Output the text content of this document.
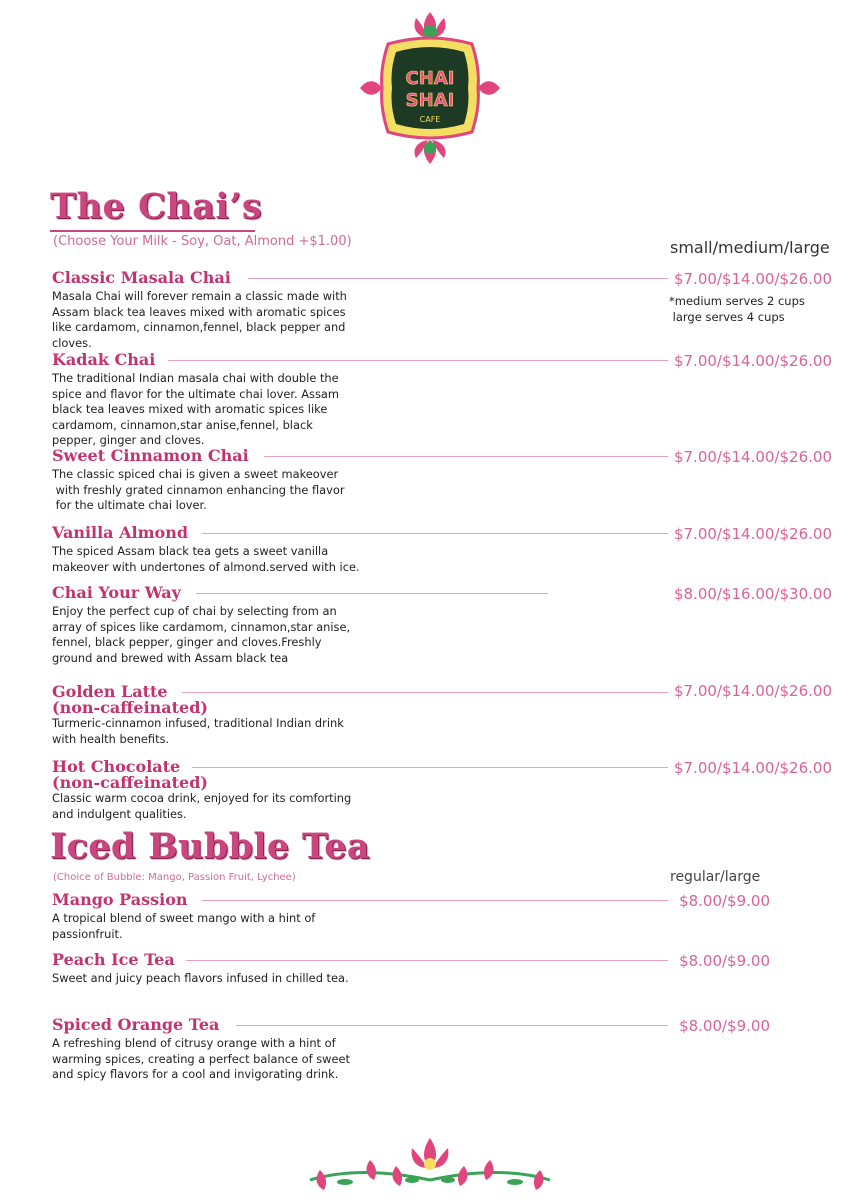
CHAI
SHAI
CAFE
The Chai’s
(Choose Your Milk - Soy, Oat, Almond +$1.00)	small/medium/large
*medium serves 2 cups
large serves 4 cups
Classic Masala Chai	$7.00/$14.00/$26.00
Masala Chai will forever remain a classic made with
Assam black tea leaves mixed with aromatic spices
like cardamom, cinnamon,fennel, black pepper and
cloves.
Kadak Chai	$7.00/$14.00/$26.00
The traditional Indian masala chai with double the
spice and flavor for the ultimate chai lover. Assam
black tea leaves mixed with aromatic spices like
cardamom, cinnamon,star anise,fennel, black
pepper, ginger and cloves.
Sweet Cinnamon Chai	$7.00/$14.00/$26.00
The classic spiced chai is given a sweet makeover
with freshly grated cinnamon enhancing the flavor
for the ultimate chai lover.
Vanilla Almond	$7.00/$14.00/$26.00
The spiced Assam black tea gets a sweet vanilla
makeover with undertones of almond.served with ice.
Chai Your Way	$8.00/$16.00/$30.00
Enjoy the perfect cup of chai by selecting from an
array of spices like cardamom, cinnamon,star anise,
fennel, black pepper, ginger and cloves.Freshly
ground and brewed with Assam black tea
Golden Latte
(non-caffeinated)
$7.00/$14.00/$26.00
Turmeric-cinnamon infused, traditional Indian drink
with health benefits.
Hot Chocolate
(non-caffeinated)
$7.00/$14.00/$26.00
Classic warm cocoa drink, enjoyed for its comforting
and indulgent qualities.
Iced Bubble Tea
(Choice of Bubble: Mango, Passion Fruit, Lychee)	regular/large
Mango Passion	$8.00/$9.00
A tropical blend of sweet mango with a hint of
passionfruit.
Peach Ice Tea	$8.00/$9.00
Sweet and juicy peach flavors infused in chilled tea.
Spiced Orange Tea	$8.00/$9.00
A refreshing blend of citrusy orange with a hint of
warming spices, creating a perfect balance of sweet
and spicy flavors for a cool and invigorating drink.
